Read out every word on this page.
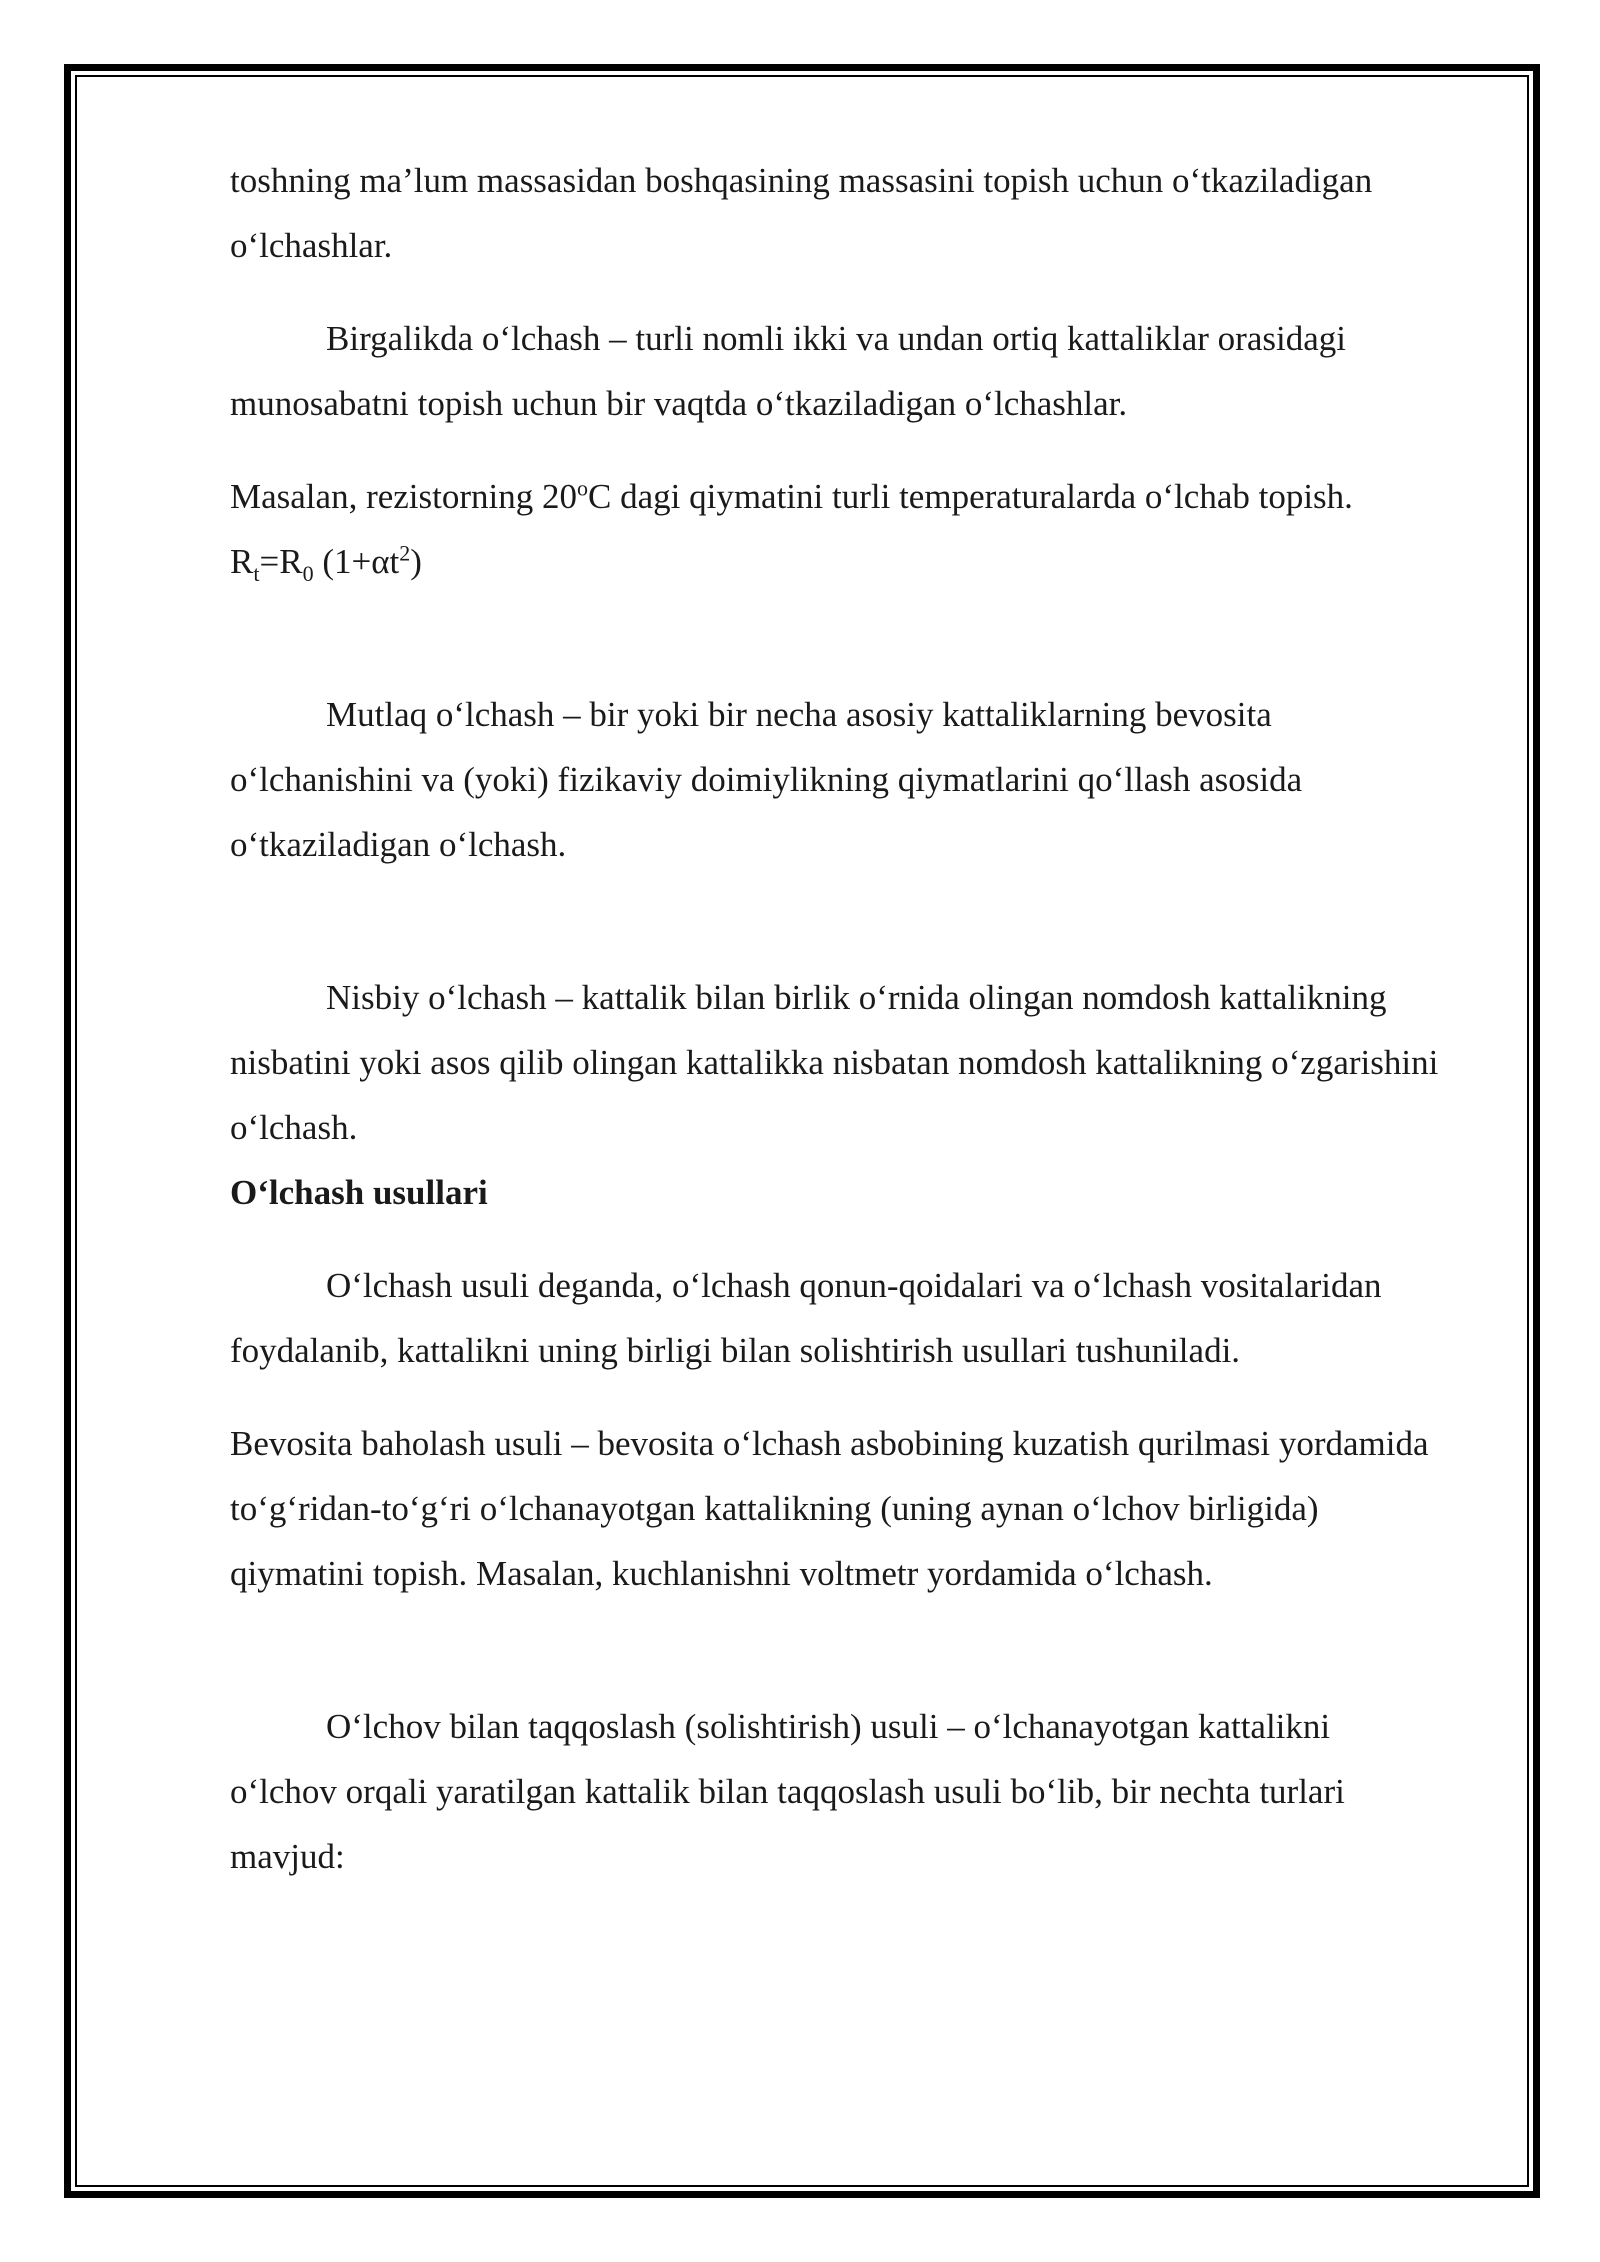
toshning ma’lum massasidan boshqasining massasini topish uchun o‘tkaziladigan o‘lchashlar.

Birgalikda o‘lchash – turli nomli ikki va undan ortiq kattaliklar orasidagi munosabatni topish uchun bir vaqtda o‘tkaziladigan o‘lchashlar.

Masalan, rezistorning 20$^o$C dagi qiymatini turli temperaturalarda o‘lchab topish. $R_t=R_0$ $(1+\alpha t^2)$

Mutlaq o‘lchash – bir yoki bir necha asosiy kattaliklarning bevosita o‘lchanishini va (yoki) fizikaviy doimiylikning qiymatlarini qo‘llash asosida o‘tkaziladigan o‘lchash.

Nisbiy o‘lchash – kattalik bilan birlik o‘rnida olingan nomdosh kattalikning nisbatini yoki asos qilib olingan kattalikka nisbatan nomdosh kattalikning o‘zgarishini o‘lchash.

O‘lchash usullari

O‘lchash usuli deganda, o‘lchash qonun-qoidalari va o‘lchash vositalaridan foydalanib, kattalikni uning birligi bilan solishtirish usullari tushuniladi.

Bevosita baholash usuli – bevosita o‘lchash asbobining kuzatish qurilmasi yordamida to‘g‘ridan-to‘g‘ri o‘lchanayotgan kattalikning (uning aynan o‘lchov birligida) qiymatini topish. Masalan, kuchlanishni voltmetr yordamida o‘lchash.

O‘lchov bilan taqqoslash (solishtirish) usuli – o‘lchanayotgan kattalikni o‘lchov orqali yaratilgan kattalik bilan taqqoslash usuli bo‘lib, bir nechta turlari mavjud:
